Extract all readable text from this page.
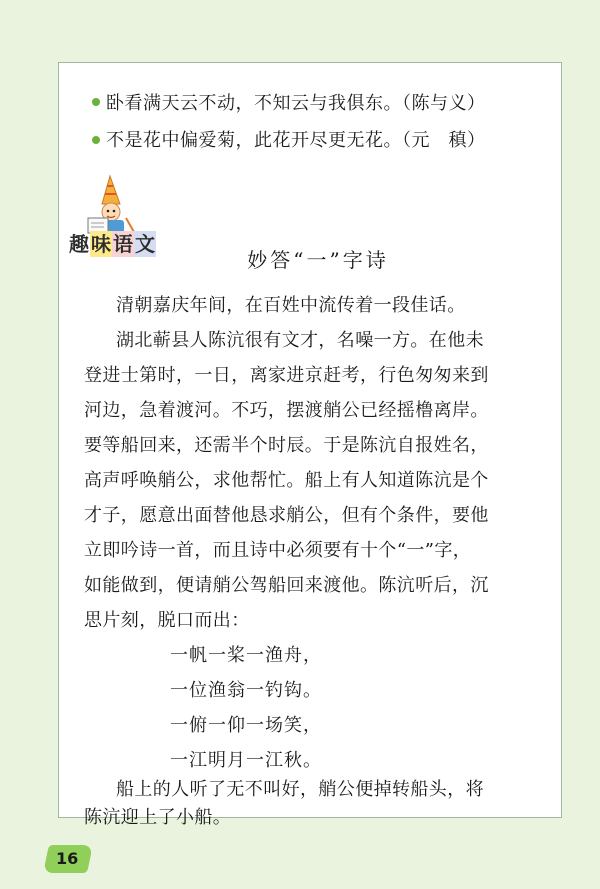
卧看满天云不动，不知云与我俱东。（陈与义）
不是花中偏爱菊，此花开尽更无花。（元　稹）
趣 味 语 文
妙答“一”字诗
清朝嘉庆年间，在百姓中流传着一段佳话。
湖北蕲县人陈沆很有文才，名噪一方。在他未
登进士第时，一日，离家进京赶考，行色匆匆来到
河边，急着渡河。不巧，摆渡艄公已经摇橹离岸。
要等船回来，还需半个时辰。于是陈沆自报姓名，
高声呼唤艄公，求他帮忙。船上有人知道陈沆是个
才子，愿意出面替他恳求艄公，但有个条件，要他
立即吟诗一首，而且诗中必须要有十个“一”字，
如能做到，便请艄公驾船回来渡他。陈沆听后，沉
思片刻，脱口而出：
一帆一桨一渔舟，
一位渔翁一钓钩。
一俯一仰一场笑，
一江明月一江秋。
船上的人听了无不叫好，艄公便掉转船头，将
16
陈沆迎上了小船。
